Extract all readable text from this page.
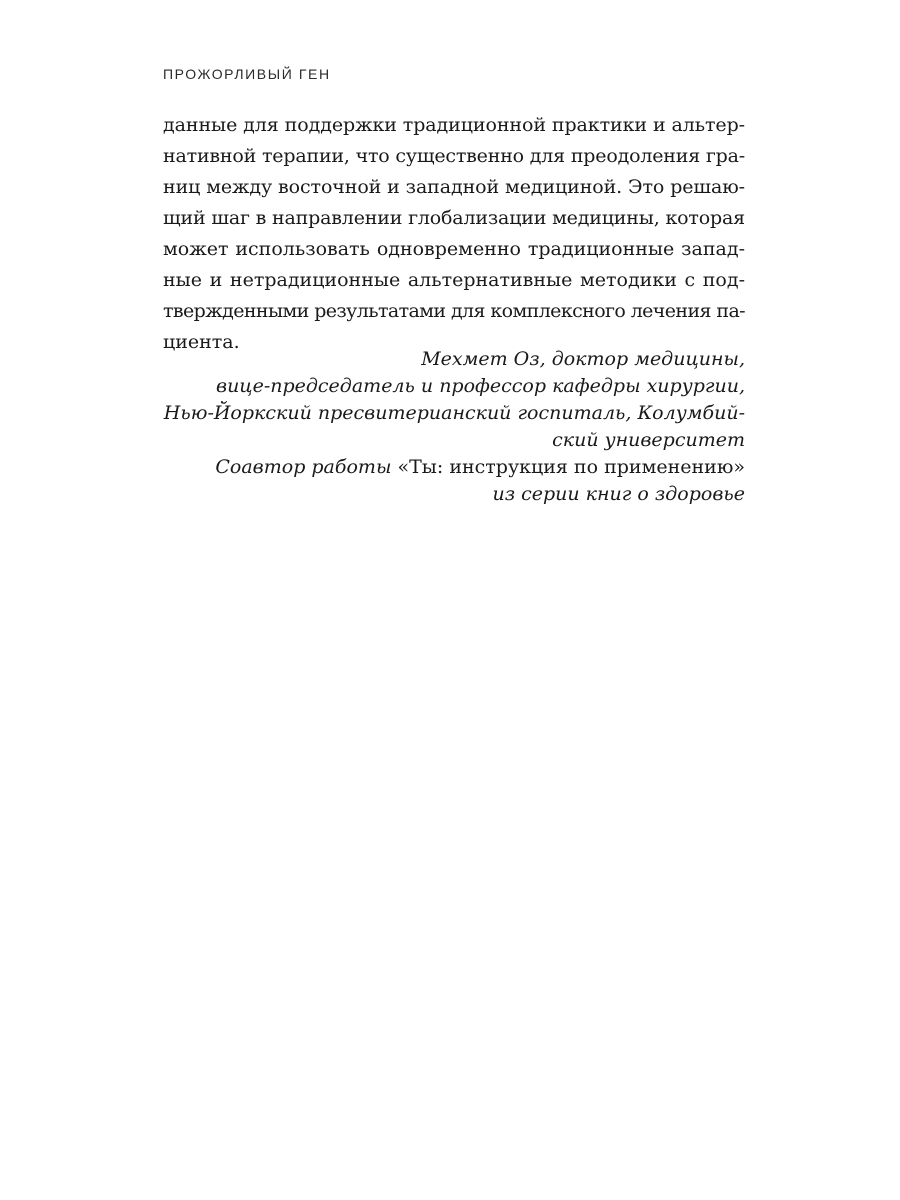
ПРОЖОРЛИВЫЙ ГЕН
данные для поддержки традиционной практики и альтер-
нативной терапии, что существенно для преодоления гра-
ниц между восточной и западной медициной. Это решаю-
щий шаг в направлении глобализации медицины, которая
может использовать одновременно традиционные запад-
ные и нетрадиционные альтернативные методики с под-
твержденными результатами для комплексного лечения па-
циента.
Мехмет Оз, доктор медицины,
вице-председатель и профессор кафедры хирургии,
Нью-Йоркский пресвитерианский госпиталь, Колумбий-
ский университет
Соавтор работы «Ты: инструкция по применению»
из серии книг о здоровье
